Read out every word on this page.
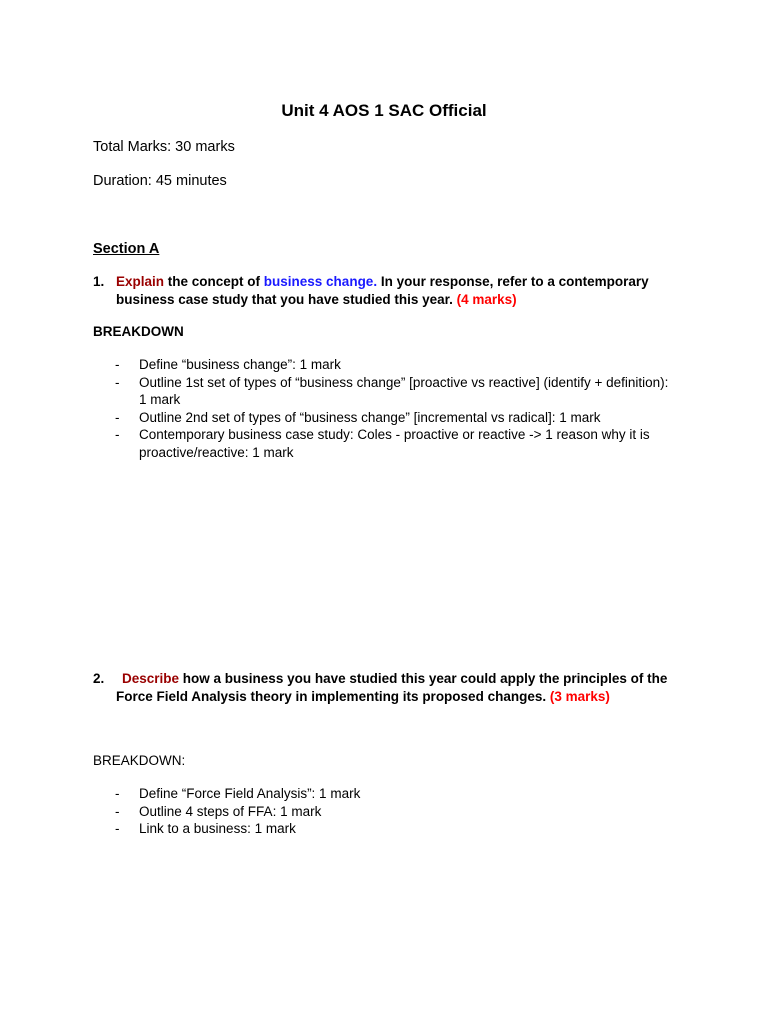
Unit 4 AOS 1 SAC Official
Total Marks: 30 marks
Duration: 45 minutes
Section A
1. Explain the concept of business change. In your response, refer to a contemporary business case study that you have studied this year. (4 marks)
BREAKDOWN
- Define “business change”: 1 mark
- Outline 1st set of types of “business change” [proactive vs reactive] (identify + definition): 1 mark
- Outline 2nd set of types of “business change” [incremental vs radical]: 1 mark
- Contemporary business case study: Coles - proactive or reactive -> 1 reason why it is proactive/reactive: 1 mark
2.	Describe how a business you have studied this year could apply the principles of the Force Field Analysis theory in implementing its proposed changes. (3 marks)
BREAKDOWN:
- Define “Force Field Analysis”: 1 mark
- Outline 4 steps of FFA: 1 mark
- Link to a business: 1 mark
